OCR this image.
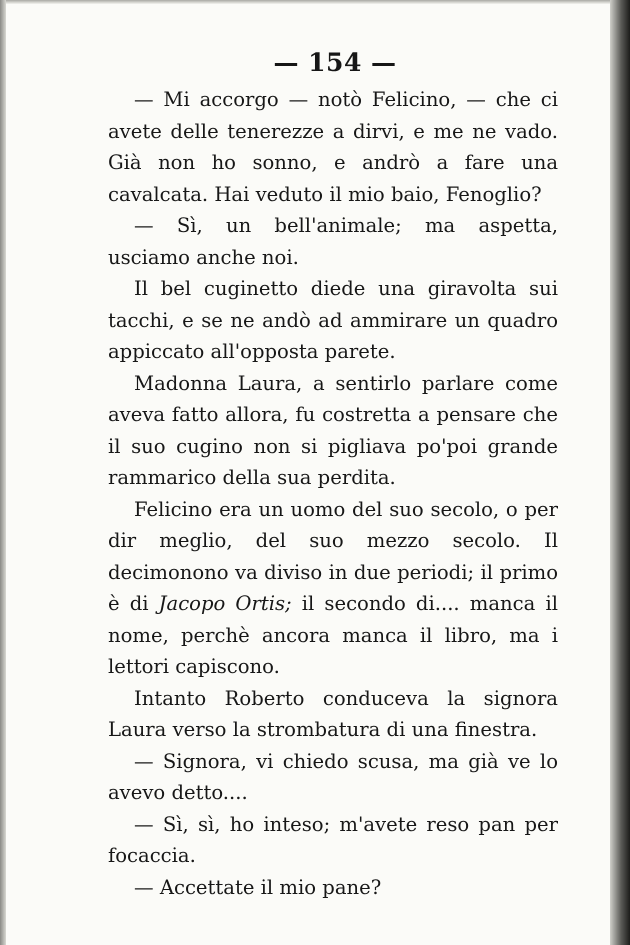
— 154 —

— Mi accorgo — notò Felicino, — che ci avete delle tenerezze a dirvi, e me ne vado. Già non ho sonno, e andrò a fare una cavalcata. Hai veduto il mio baio, Fenoglio?

— Sì, un bell'animale; ma aspetta, usciamo anche noi.

Il bel cuginetto diede una giravolta sui tacchi, e se ne andò ad ammirare un quadro appiccato all'opposta parete.

Madonna Laura, a sentirlo parlare come aveva fatto allora, fu costretta a pensare che il suo cugino non si pigliava po'poi grande rammarico della sua perdita.

Felicino era un uomo del suo secolo, o per dir meglio, del suo mezzo secolo. Il decimonono va diviso in due periodi; il primo è di Jacopo Ortis; il secondo di.... manca il nome, perchè ancora manca il libro, ma i lettori capiscono.

Intanto Roberto conduceva la signora Laura verso la strombatura di una finestra.

— Signora, vi chiedo scusa, ma già ve lo avevo detto....

— Sì, sì, ho inteso; m'avete reso pan per focaccia.

— Accettate il mio pane?
